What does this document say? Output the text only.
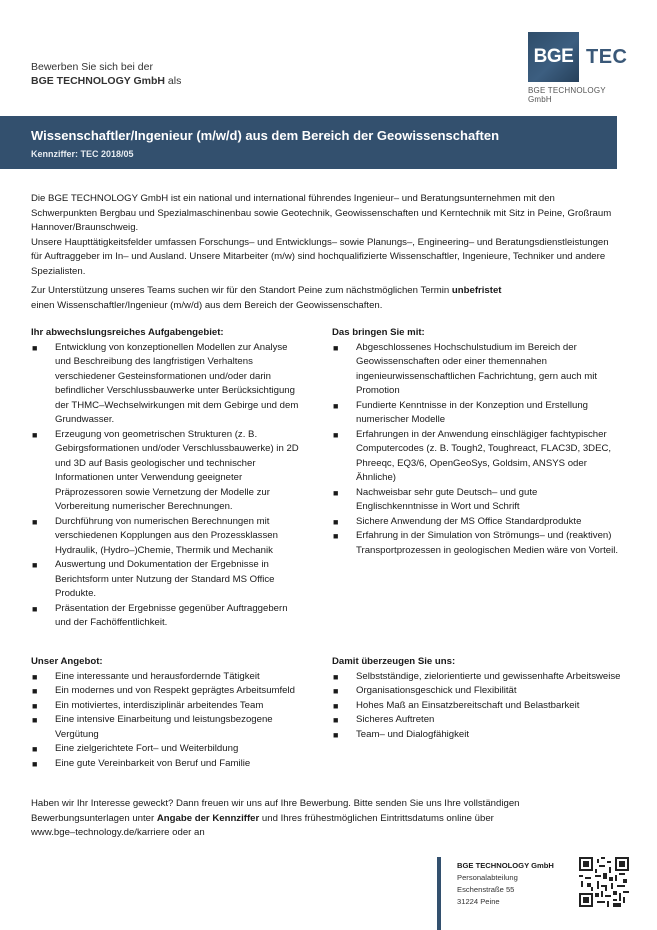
Bewerben Sie sich bei der
BGE TECHNOLOGY GmbH als
BGE TEC
BGE TECHNOLOGY GmbH
Wissenschaftler/Ingenieur (m/w/d) aus dem Bereich der Geowissenschaften
Kennziffer: TEC 2018/05
Die BGE TECHNOLOGY GmbH ist ein national und international führendes Ingenieur– und Beratungsunternehmen mit den Schwerpunkten Bergbau und Spezialmaschinenbau sowie Geotechnik, Geowissenschaften und Kerntechnik mit Sitz in Peine, Großraum Hannover/Braunschweig.
Unsere Haupttätigkeitsfelder umfassen Forschungs– und Entwicklungs– sowie Planungs–, Engineering– und Beratungsdienstleistungen für Auftraggeber im In– und Ausland. Unsere Mitarbeiter (m/w) sind hochqualifizierte Wissenschaftler, Ingenieure, Techniker und andere Spezialisten.
Zur Unterstützung unseres Teams suchen wir für den Standort Peine zum nächstmöglichen Termin unbefristet
einen Wissenschaftler/Ingenieur (m/w/d) aus dem Bereich der Geowissenschaften.
Ihr abwechslungsreiches Aufgabengebiet:
■ Entwicklung von konzeptionellen Modellen zur Analyse und Beschreibung des langfristigen Verhaltens verschiedener Gesteinsformationen und/oder darin befindlicher Verschlussbauwerke unter Berücksichtigung der THMC–Wechselwirkungen mit dem Gebirge und dem Grundwasser.
■ Erzeugung von geometrischen Strukturen (z. B. Gebirgsformationen und/oder Verschlussbauwerke) in 2D und 3D auf Basis geologischer und technischer Informationen unter Verwendung geeigneter Präprozessoren sowie Vernetzung der Modelle zur Vorbereitung numerischer Berechnungen.
■ Durchführung von numerischen Berechnungen mit verschiedenen Kopplungen aus den Prozessklassen Hydraulik, (Hydro–)Chemie, Thermik und Mechanik
■ Auswertung und Dokumentation der Ergebnisse in Berichtsform unter Nutzung der Standard MS Office Produkte.
■ Präsentation der Ergebnisse gegenüber Auftraggebern und der Fachöffentlichkeit.
Das bringen Sie mit:
■ Abgeschlossenes Hochschulstudium im Bereich der Geowissenschaften oder einer themennahen ingenieurwissenschaftlichen Fachrichtung, gern auch mit Promotion
■ Fundierte Kenntnisse in der Konzeption und Erstellung numerischer Modelle
■ Erfahrungen in der Anwendung einschlägiger fachtypischer Computercodes (z. B. Tough2, Toughreact, FLAC3D, 3DEC, Phreeqc, EQ3/6, OpenGeoSys, Goldsim, ANSYS oder Ähnliche)
■ Nachweisbar sehr gute Deutsch– und gute Englischkenntnisse in Wort und Schrift
■ Sichere Anwendung der MS Office Standardprodukte
■ Erfahrung in der Simulation von Strömungs– und (reaktiven) Transportprozessen in geologischen Medien wäre von Vorteil.
Unser Angebot:
■ Eine interessante und herausfordernde Tätigkeit
■ Ein modernes und von Respekt geprägtes Arbeitsumfeld
■ Ein motiviertes, interdisziplinär arbeitendes Team
■ Eine intensive Einarbeitung und leistungsbezogene Vergütung
■ Eine zielgerichtete Fort– und Weiterbildung
■ Eine gute Vereinbarkeit von Beruf und Familie
Damit überzeugen Sie uns:
■ Selbstständige, zielorientierte und gewissenhafte Arbeitsweise
■ Organisationsgeschick und Flexibilität
■ Hohes Maß an Einsatzbereitschaft und Belastbarkeit
■ Sicheres Auftreten
■ Team– und Dialogfähigkeit
Haben wir Ihr Interesse geweckt? Dann freuen wir uns auf Ihre Bewerbung. Bitte senden Sie uns Ihre vollständigen Bewerbungsunterlagen unter Angabe der Kennziffer und Ihres frühestmöglichen Eintrittsdatums online über
www.bge–technology.de/karriere oder an
BGE TECHNOLOGY GmbH
Personalabteilung
Eschenstraße 55
31224 Peine
